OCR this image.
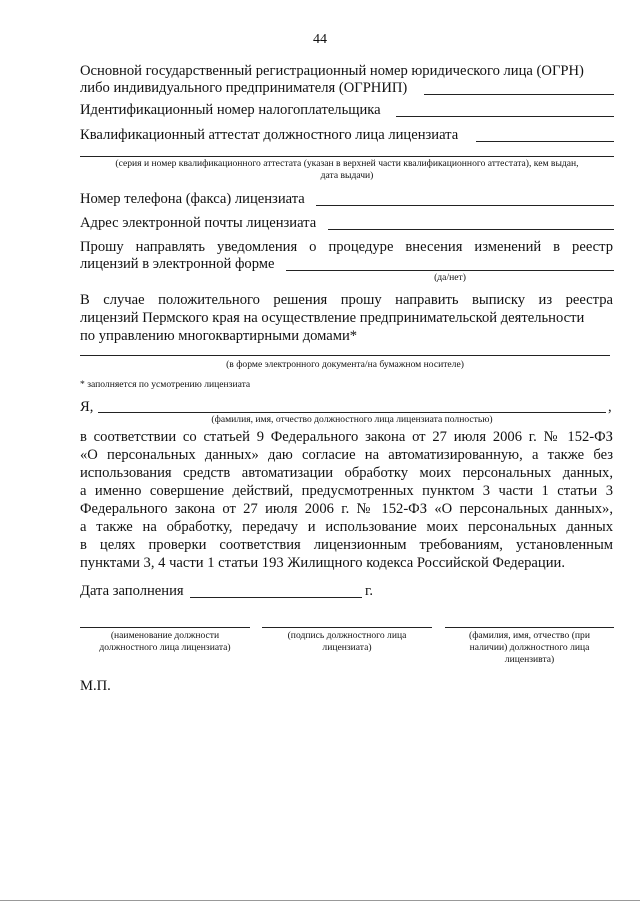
44
Основной государственный регистрационный номер юридического лица (ОГРН)
либо индивидуального предпринимателя (ОГРНИП)
Идентификационный номер налогоплательщика
Квалификационный аттестат должностного лица лицензиата
(серия и номер квалификационного аттестата (указан в верхней части квалификационного аттестата), кем выдан,
дата выдачи)
Номер телефона (факса) лицензиата
Адрес электронной почты лицензиата
Прошу направлять уведомления о процедуре внесения изменений в реестр
лицензий в электронной форме
(да/нет)
В случае положительного решения прошу направить выписку из реестра
лицензий Пермского края на осуществление предпринимательской деятельности
по управлению многоквартирными домами*
(в форме электронного документа/на бумажном носителе)
* заполняется по усмотрению лицензиата
Я,	,
(фамилия, имя, отчество должностного лица лицензиата полностью)
в соответствии со статьей 9 Федерального закона от 27 июля 2006 г. № 152-ФЗ
«О персональных данных» даю согласие на автоматизированную, а также без
использования средств автоматизации обработку моих персональных данных,
а именно совершение действий, предусмотренных пунктом 3 части 1 статьи 3
Федерального закона от 27 июля 2006 г. № 152-ФЗ «О персональных данных»,
а также на обработку, передачу и использование моих персональных данных
в целях проверки соответствия лицензионным требованиям, установленным
пунктами 3, 4 части 1 статьи 193 Жилищного кодекса Российской Федерации.
Дата заполнения	г.
(наименование должности
должностного лица лицензиата)
(подпись должностного лица
лицензиата)
(фамилия, имя, отчество (при
наличии) должностного лица
лицензивта)
М.П.
